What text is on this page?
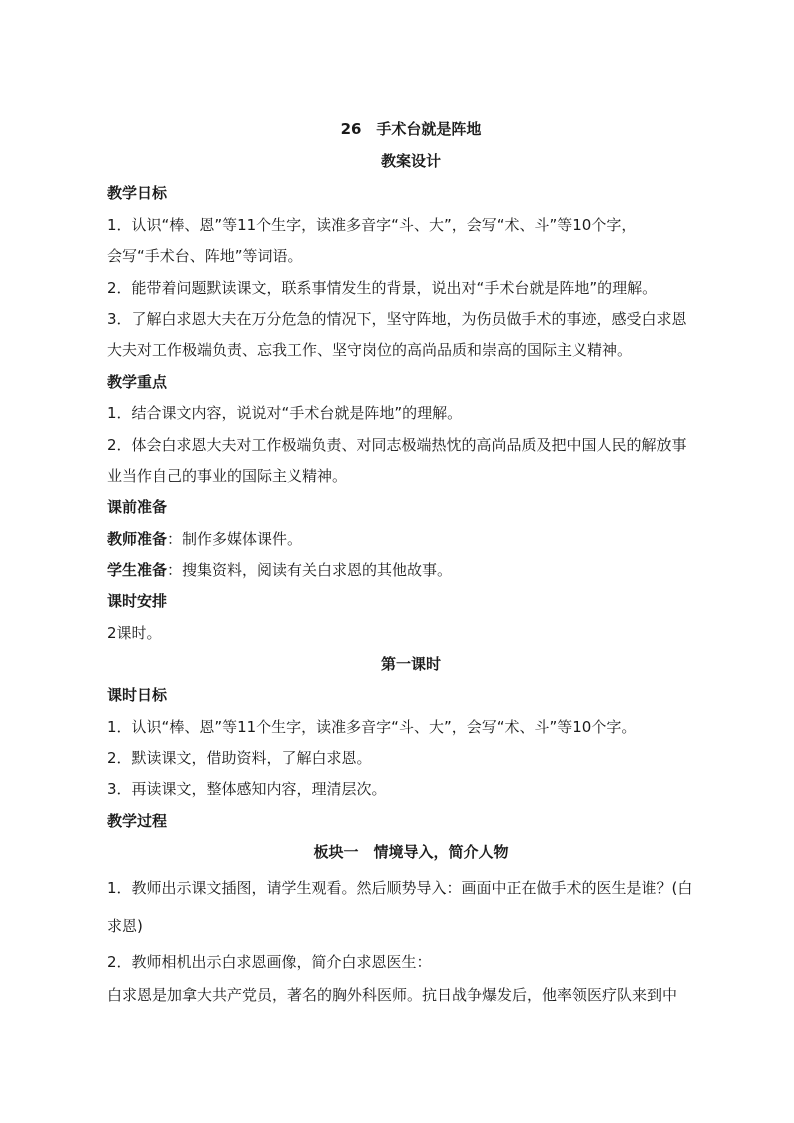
26　手术台就是阵地
教案设计
教学日标
1．认识“棒、恩”等11个生字，读准多音字“斗、大”，会写“术、斗”等10个字，
会写“手术台、阵地”等词语。
2．能带着问题默读课文，联系事情发生的背景，说出对“手术台就是阵地”的理解。
3．了解白求恩大夫在万分危急的情况下，坚守阵地，为伤员做手术的事迹，感受白求恩
大夫对工作极端负责、忘我工作、坚守岗位的高尚品质和崇高的国际主义精神。
教学重点
1．结合课文内容，说说对“手术台就是阵地”的理解。
2．体会白求恩大夫对工作极端负责、对同志极端热忱的高尚品质及把中国人民的解放事
业当作自己的事业的国际主义精神。
课前准备
教师准备：制作多媒体课件。
学生准备：搜集资料，阅读有关白求恩的其他故事。
课时安排
2课时。
第一课时
课时日标
1．认识“棒、恩”等11个生字，读准多音字“斗、大”，会写“术、斗”等10个字。
2．默读课文，借助资料，了解白求恩。
3．再读课文，整体感知内容，理清层次。
教学过程
板块一　情境导入，简介人物
1．教师出示课文插图，请学生观看。然后顺势导入：画面中正在做手术的医生是谁？(白
求恩)
2．教师相机出示白求恩画像，简介白求恩医生：
白求恩是加拿大共产党员，著名的胸外科医师。抗日战争爆发后，他率领医疗队来到中
